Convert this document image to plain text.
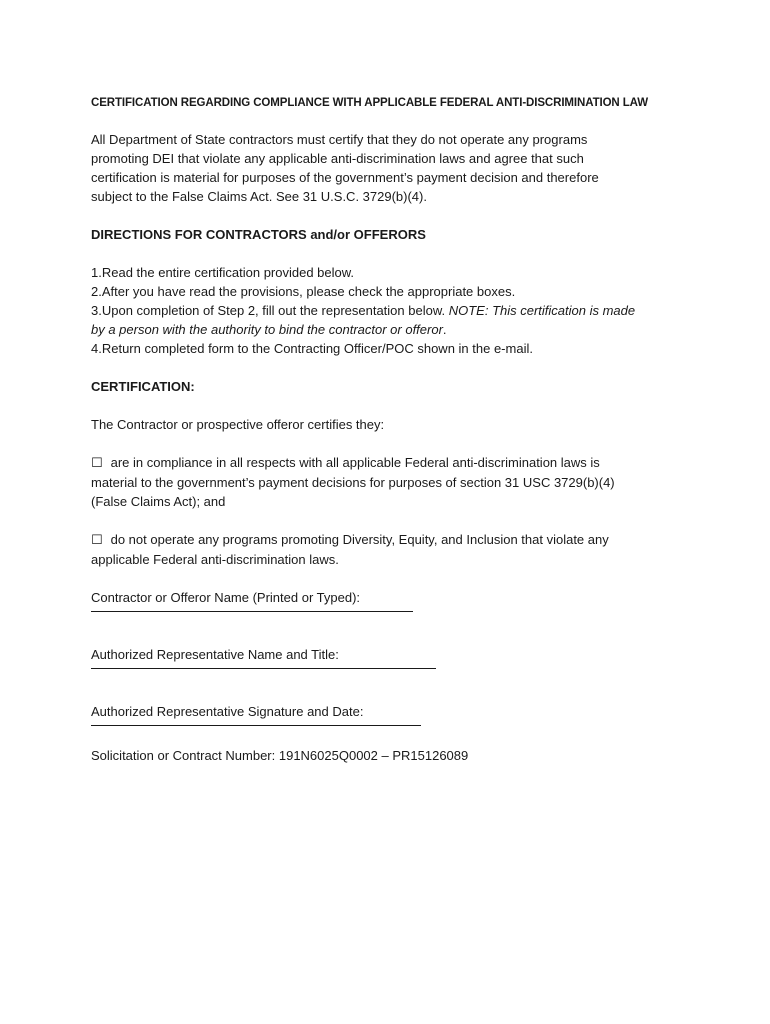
CERTIFICATION REGARDING COMPLIANCE WITH APPLICABLE FEDERAL ANTI-DISCRIMINATION LAW

All Department of State contractors must certify that they do not operate any programs
promoting DEI that violate any applicable anti-discrimination laws and agree that such
certification is material for purposes of the government’s payment decision and therefore
subject to the False Claims Act. See 31 U.S.C. 3729(b)(4).

DIRECTIONS FOR CONTRACTORS and/or OFFERORS

1.Read the entire certification provided below.

2.After you have read the provisions, please check the appropriate boxes.

3.Upon completion of Step 2, fill out the representation below. NOTE: This certification is made

by a person with the authority to bind the contractor or offeror.

4.Return completed form to the Contracting Officer/POC shown in the e-mail.

CERTIFICATION:

The Contractor or prospective offeror certifies they:

☐ are in compliance in all respects with all applicable Federal anti-discrimination laws is

material to the government’s payment decisions for purposes of section 31 USC 3729(b)(4)

(False Claims Act); and

☐ do not operate any programs promoting Diversity, Equity, and Inclusion that violate any

applicable Federal anti-discrimination laws.

Contractor or Offeror Name (Printed or Typed):

Authorized Representative Name and Title:

Authorized Representative Signature and Date:

Solicitation or Contract Number: 191N6025Q0002 – PR15126089
